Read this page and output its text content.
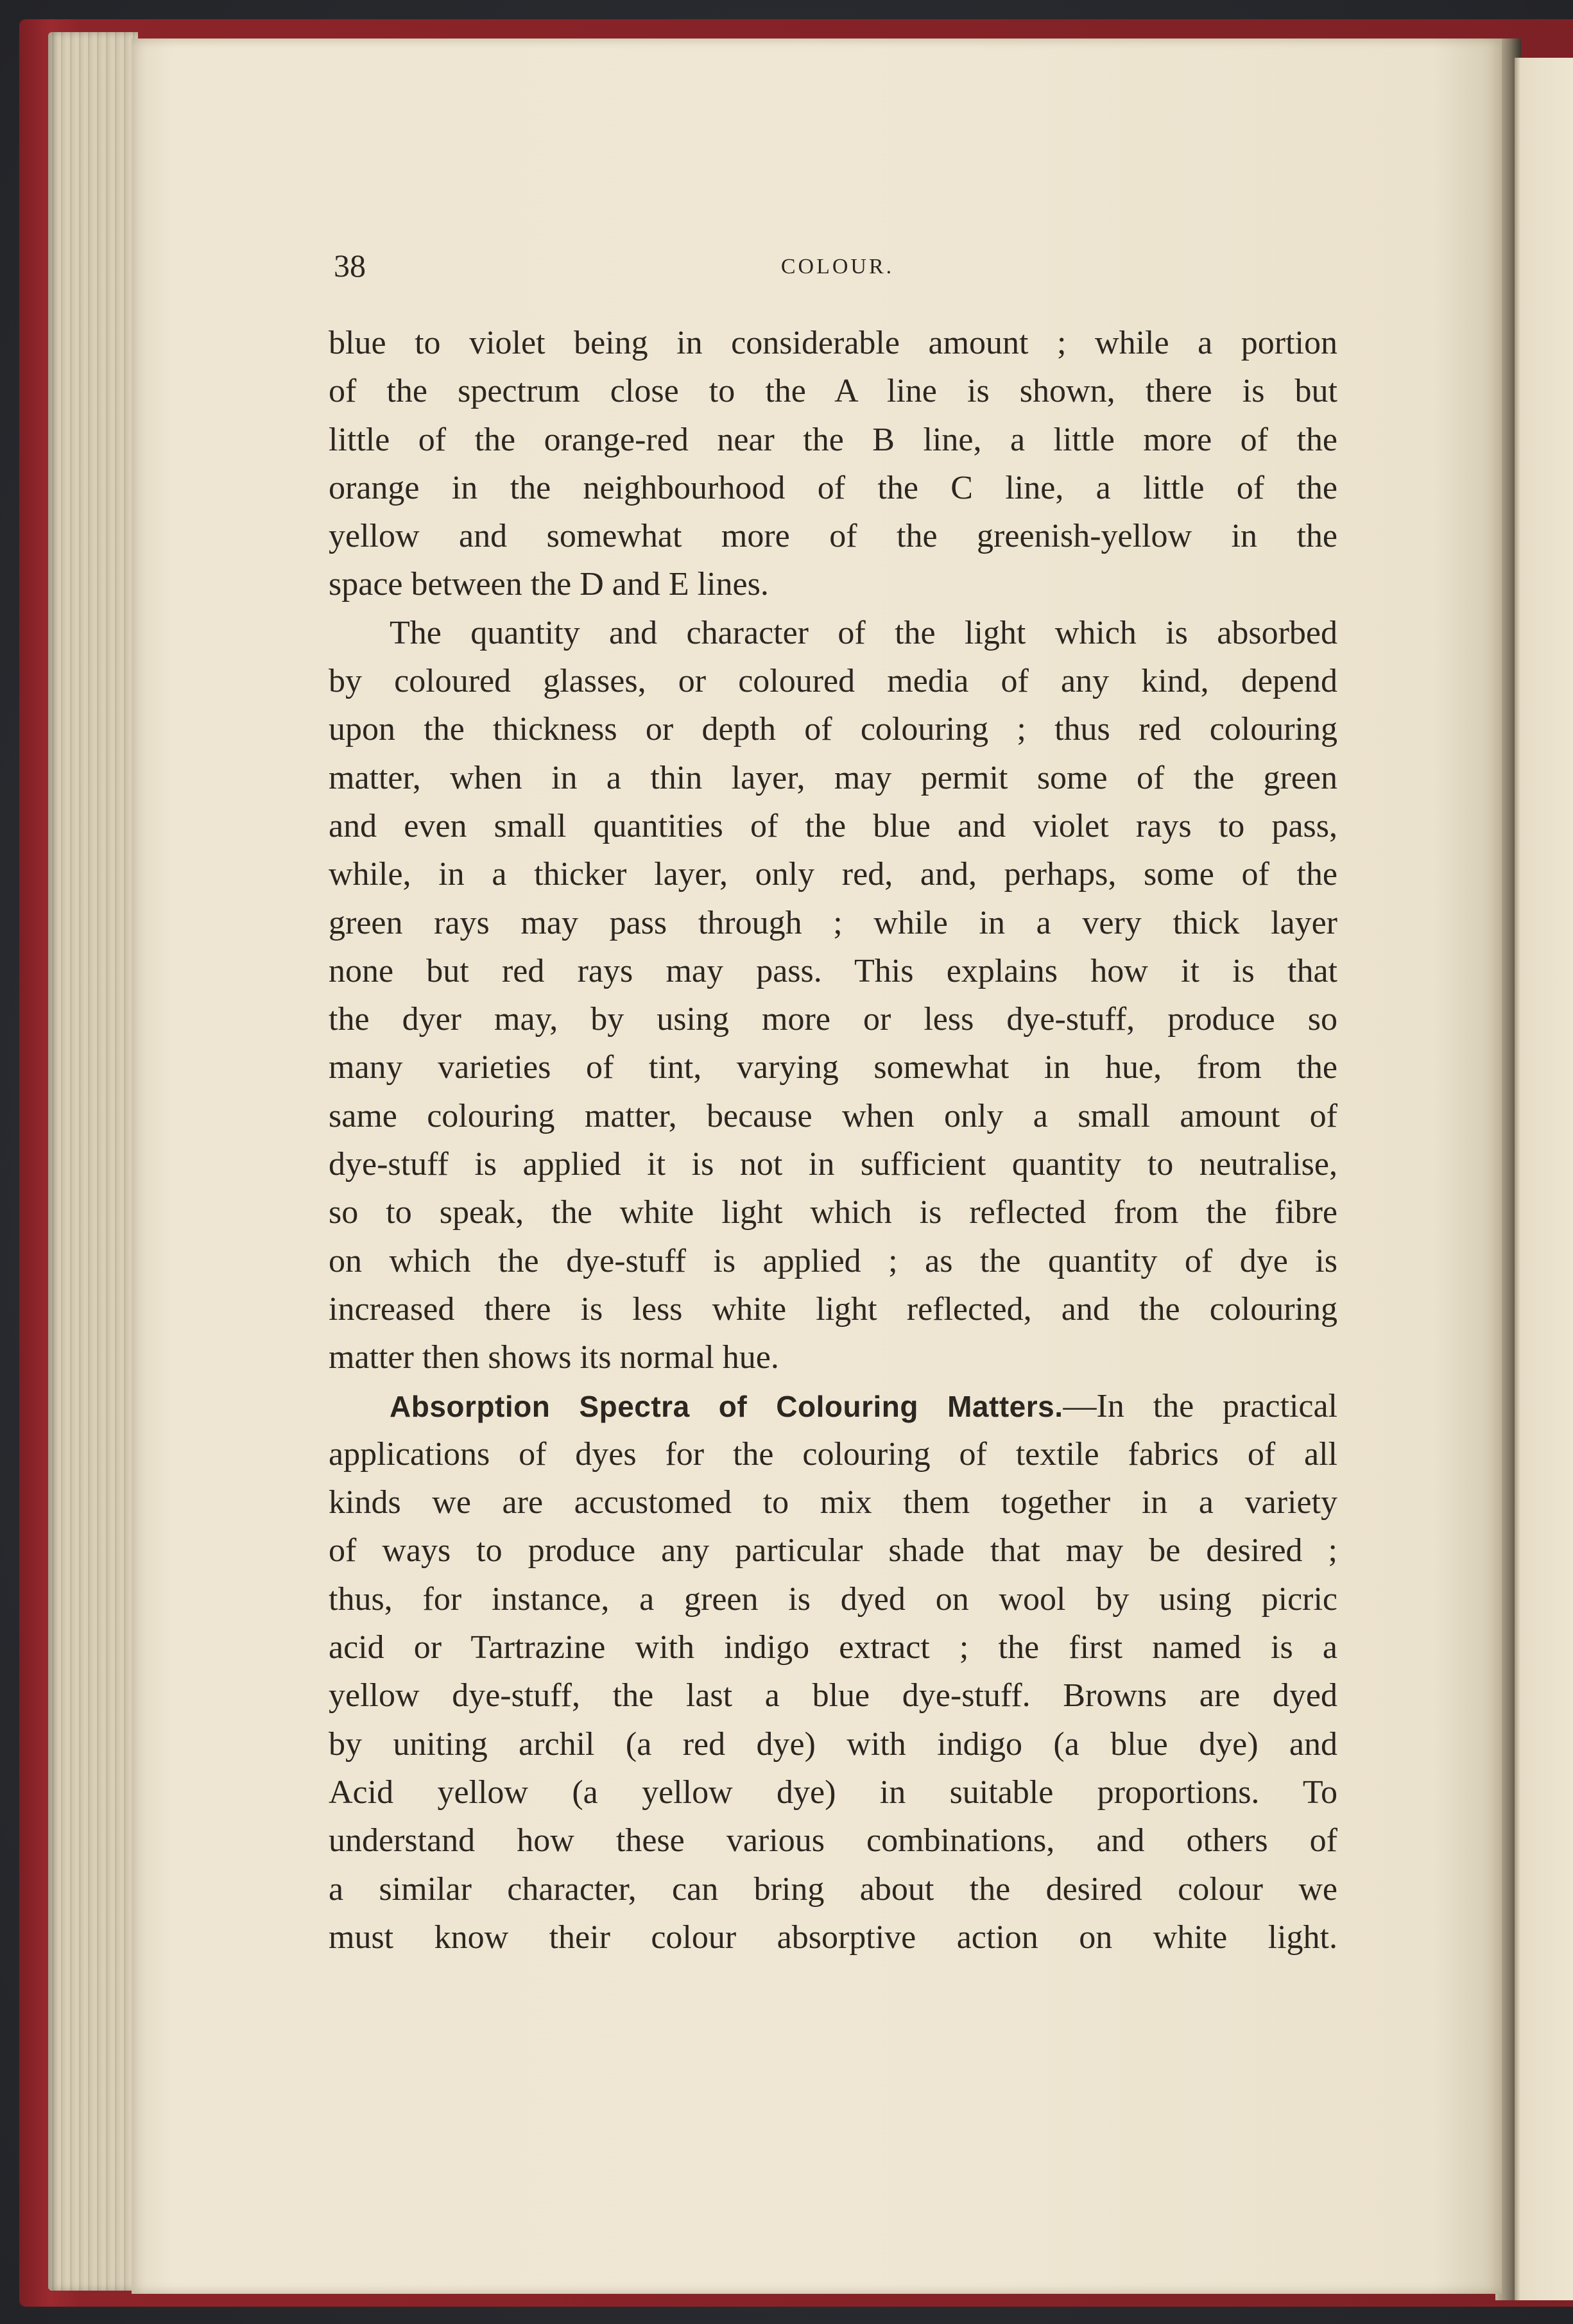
38	COLOUR.
blue to violet being in considerable amount ; while a portion
of the spectrum close to the A line is shown, there is but
little of the orange-red near the B line, a little more of the
orange in the neighbourhood of the C line, a little of the
yellow and somewhat more of the greenish-yellow in the
space between the D and E lines.
The quantity and character of the light which is absorbed
by coloured glasses, or coloured media of any kind, depend
upon the thickness or depth of colouring ; thus red colouring
matter, when in a thin layer, may permit some of the green
and even small quantities of the blue and violet rays to pass,
while, in a thicker layer, only red, and, perhaps, some of the
green rays may pass through ; while in a very thick layer
none but red rays may pass. This explains how it is that
the dyer may, by using more or less dye-stuff, produce so
many varieties of tint, varying somewhat in hue, from the
same colouring matter, because when only a small amount of
dye-stuff is applied it is not in sufficient quantity to neutralise,
so to speak, the white light which is reflected from the fibre
on which the dye-stuff is applied ; as the quantity of dye is
increased there is less white light reflected, and the colouring
matter then shows its normal hue.
Absorption Spectra of Colouring Matters.—In the practical
applications of dyes for the colouring of textile fabrics of all
kinds we are accustomed to mix them together in a variety
of ways to produce any particular shade that may be desired ;
thus, for instance, a green is dyed on wool by using picric
acid or Tartrazine with indigo extract ; the first named is a
yellow dye-stuff, the last a blue dye-stuff. Browns are dyed
by uniting archil (a red dye) with indigo (a blue dye) and
Acid yellow (a yellow dye) in suitable proportions. To
understand how these various combinations, and others of
a similar character, can bring about the desired colour we
must know their colour absorptive action on white light.
